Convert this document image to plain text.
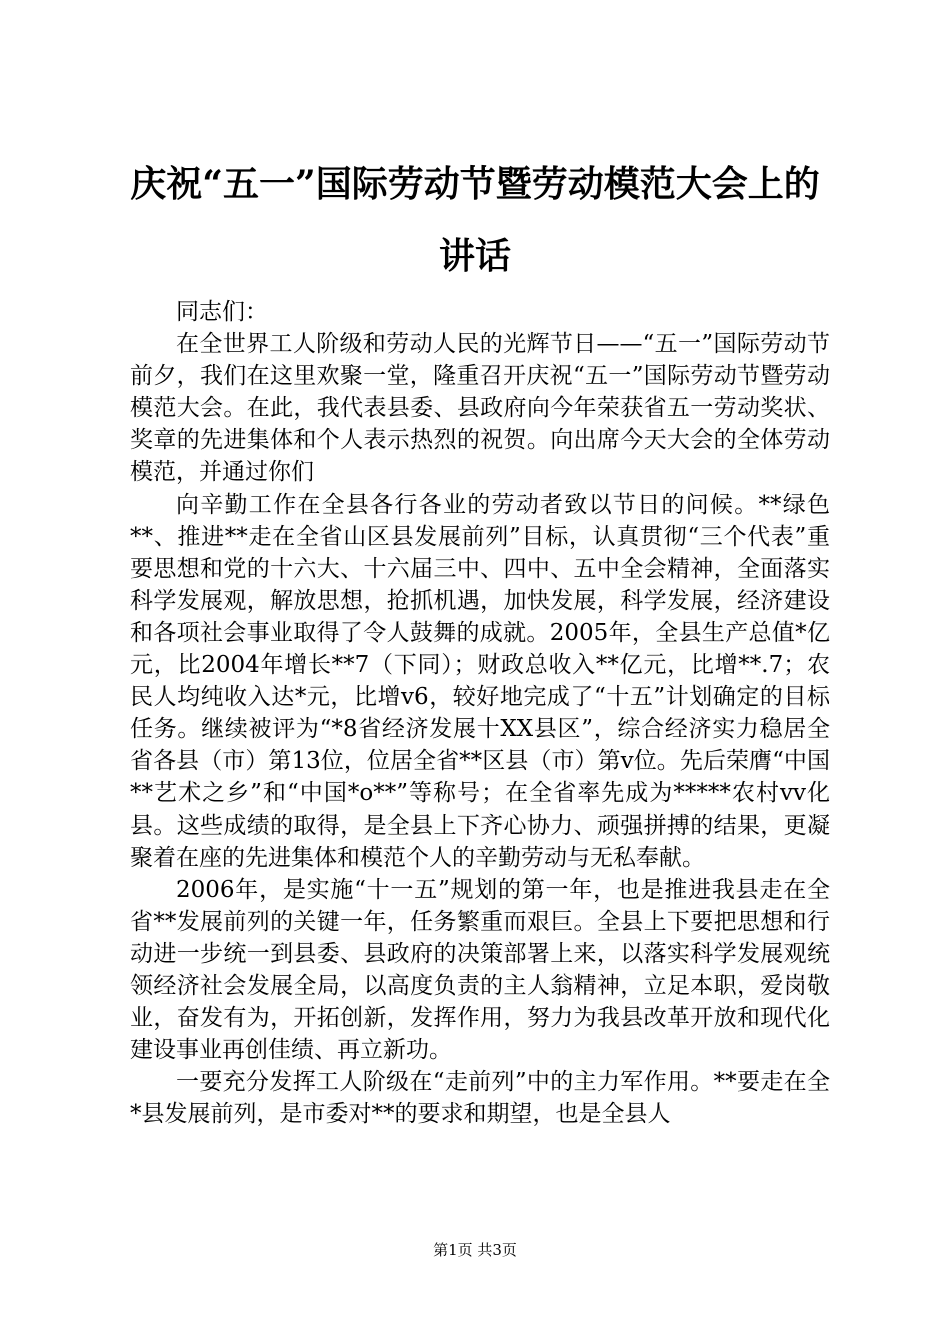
庆祝“五一”国际劳动节暨劳动模范大会上的
讲话

同志们：

在全世界工人阶级和劳动人民的光辉节日——“五一”国际劳动节前夕，我们在这里欢聚一堂，隆重召开庆祝“五一”国际劳动节暨劳动模范大会。在此，我代表县委、县政府向今年荣获省五一劳动奖状、奖章的先进集体和个人表示热烈的祝贺。向出席今天大会的全体劳动模范，并通过你们

向辛勤工作在全县各行各业的劳动者致以节日的问候。**绿色**、推进**走在全省山区县发展前列”目标，认真贯彻“三个代表”重要思想和党的十六大、十六届三中、四中、五中全会精神，全面落实科学发展观，解放思想，抢抓机遇，加快发展，科学发展，经济建设和各项社会事业取得了令人鼓舞的成就。2005年，全县生产总值*亿元，比2004年增长**7（下同）；财政总收入**亿元，比增**.7；农民人均纯收入达*元，比增v6，较好地完成了“十五”计划确定的目标任务。继续被评为“*8省经济发展十XX县区”，综合经济实力稳居全省各县（市）第13位，位居全省**区县（市）第v位。先后荣膺“中国**艺术之乡”和“中国*o**”等称号；在全省率先成为*****农村vv化县。这些成绩的取得，是全县上下齐心协力、顽强拼搏的结果，更凝聚着在座的先进集体和模范个人的辛勤劳动与无私奉献。

2006年，是实施“十一五”规划的第一年，也是推进我县走在全省**发展前列的关键一年，任务繁重而艰巨。全县上下要把思想和行动进一步统一到县委、县政府的决策部署上来，以落实科学发展观统领经济社会发展全局，以高度负责的主人翁精神，立足本职，爱岗敬业，奋发有为，开拓创新，发挥作用，努力为我县改革开放和现代化建设事业再创佳绩、再立新功。

一要充分发挥工人阶级在“走前列”中的主力军作用。**要走在全*县发展前列，是市委对**的要求和期望，也是全县人

第1页 共3页
